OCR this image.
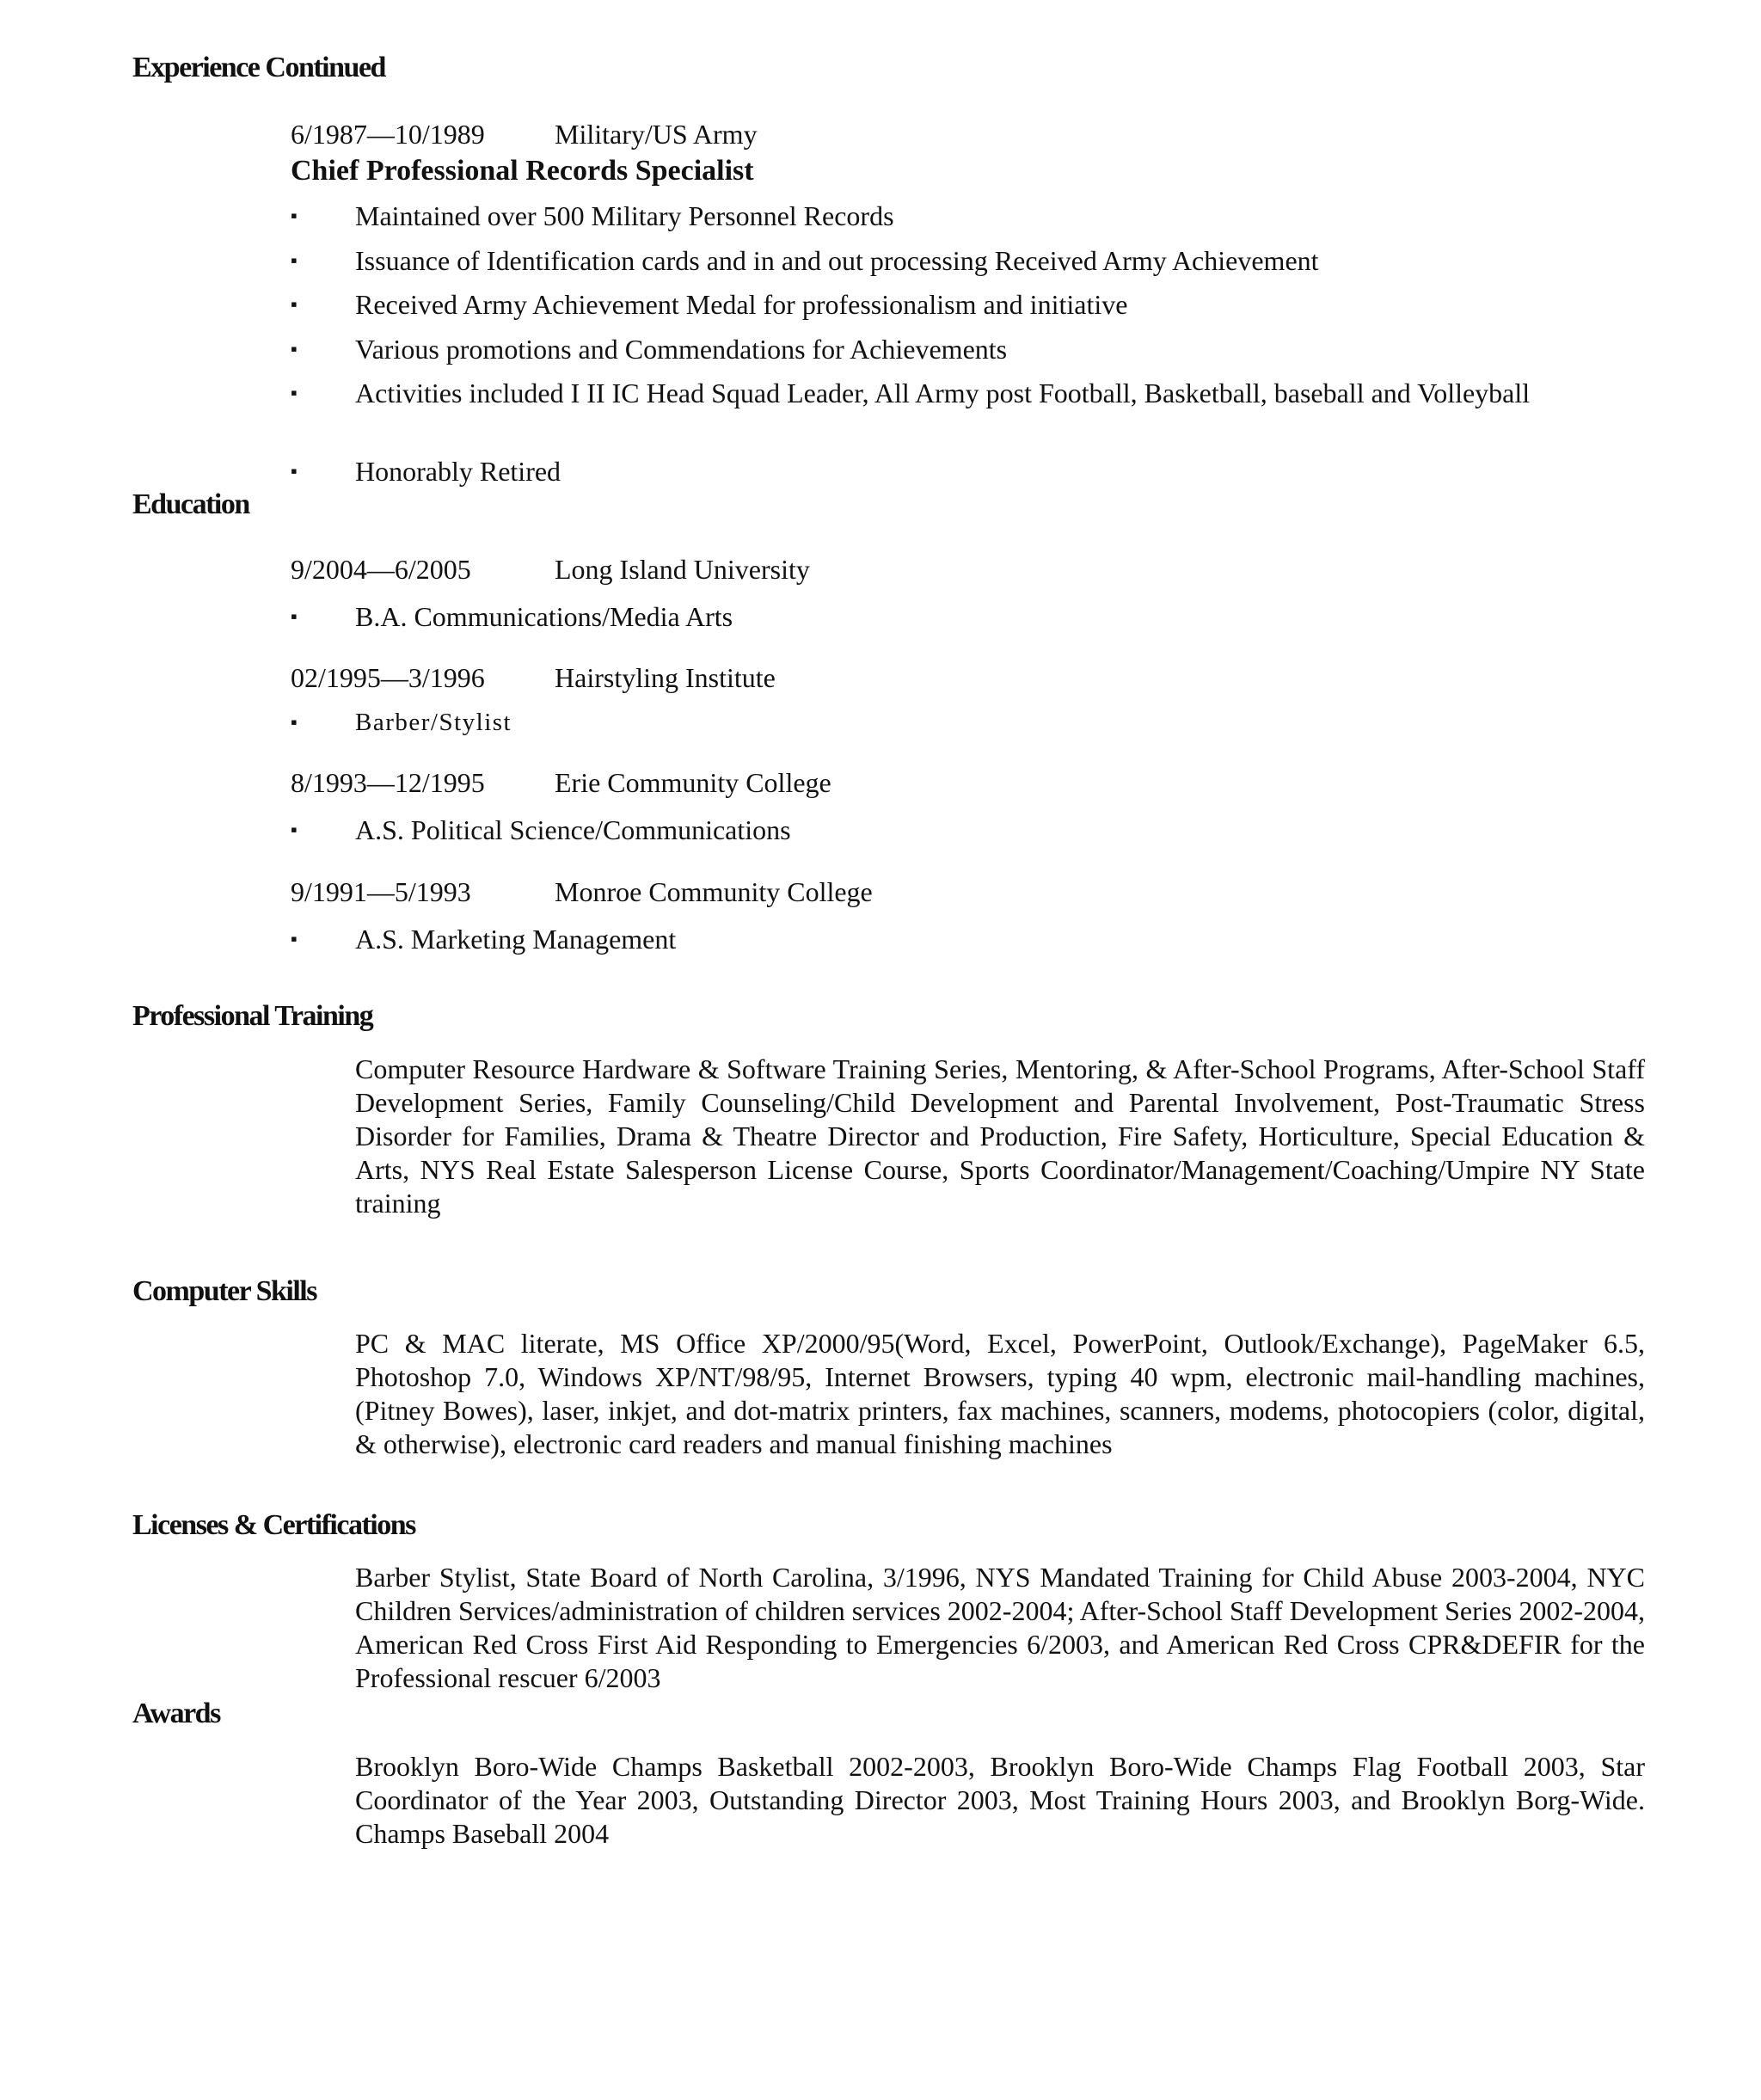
Experience Continued
6/1987—10/1989	Military/US Army
Chief Professional Records Specialist
▪	Maintained over 500 Military Personnel Records
▪	Issuance of Identification cards and in and out processing Received Army Achievement
▪	Received Army Achievement Medal for professionalism and initiative
▪	Various promotions and Commendations for Achievements
▪	Activities included I II IC Head Squad Leader, All Army post Football, Basketball, baseball and Volleyball
▪	Honorably Retired
Education
9/2004—6/2005	Long Island University
▪	B.A. Communications/Media Arts
02/1995—3/1996	Hairstyling Institute
▪	Barber/Stylist
8/1993—12/1995	Erie Community College
▪	A.S. Political Science/Communications
9/1991—5/1993	Monroe Community College
▪	A.S. Marketing Management
Professional Training
Computer Resource Hardware & Software Training Series, Mentoring, & After-School Programs, After-School Staff Development Series, Family Counseling/Child Development and Parental Involvement, Post-Traumatic Stress Disorder for Families, Drama & Theatre Director and Production, Fire Safety, Horticulture, Special Education & Arts, NYS Real Estate Salesperson License Course, Sports Coordinator/Management/Coaching/Umpire NY State training
Computer Skills
PC & MAC literate, MS Office XP/2000/95(Word, Excel, PowerPoint, Outlook/Exchange), PageMaker 6.5, Photoshop 7.0, Windows XP/NT/98/95, Internet Browsers, typing 40 wpm, electronic mail-handling machines, (Pitney Bowes), laser, inkjet, and dot-matrix printers, fax machines, scanners, modems, photocopiers (color, digital, & otherwise), electronic card readers and manual finishing machines
Licenses & Certifications
Barber Stylist, State Board of North Carolina, 3/1996, NYS Mandated Training for Child Abuse 2003-2004, NYC Children Services/administration of children services 2002-2004; After-School Staff Development Series 2002-2004, American Red Cross First Aid Responding to Emergencies 6/2003, and American Red Cross CPR&DEFIR for the Professional rescuer 6/2003
Awards
Brooklyn Boro-Wide Champs Basketball 2002-2003, Brooklyn Boro-Wide Champs Flag Football 2003, Star Coordinator of the Year 2003, Outstanding Director 2003, Most Training Hours 2003, and Brooklyn Borg-Wide. Champs Baseball 2004
